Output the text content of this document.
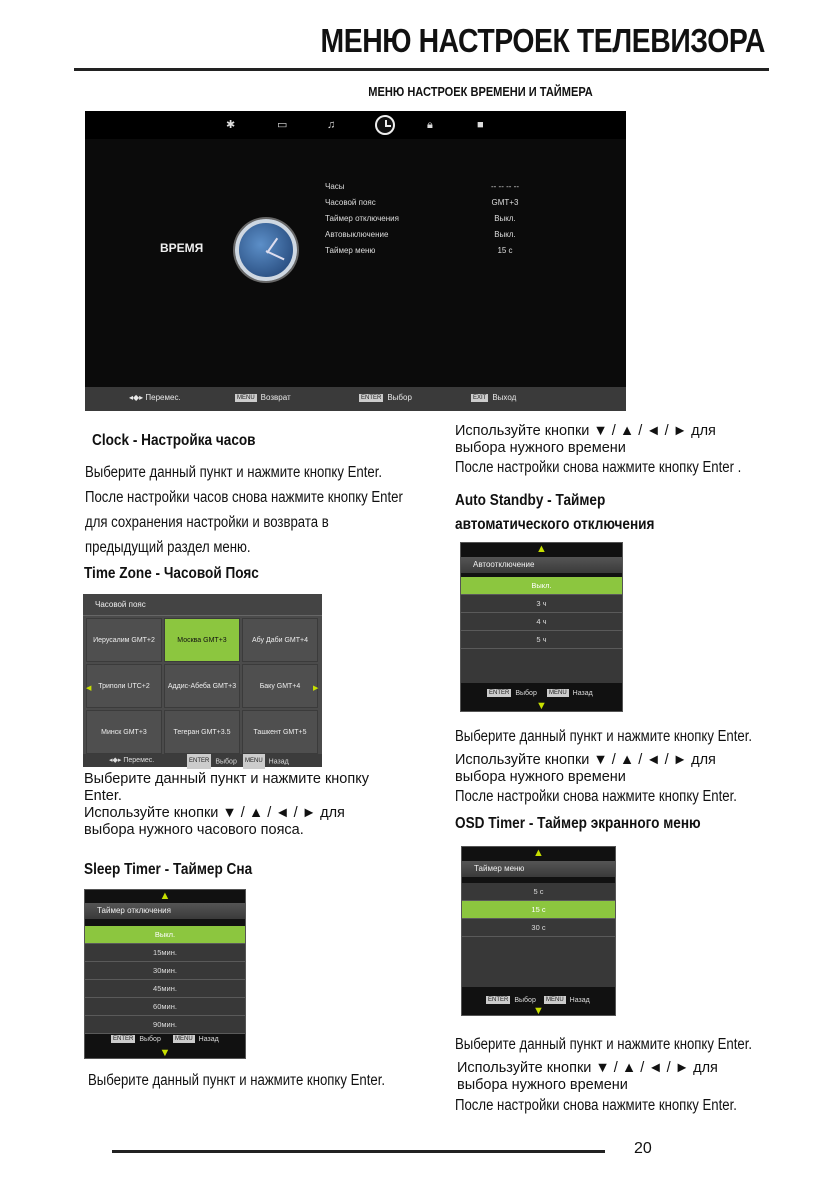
МЕНЮ НАСТРОЕК ТЕЛЕВИЗОРА
МЕНЮ НАСТРОЕК ВРЕМЕНИ И ТАЙМЕРА
✱	▭	♫	🔒︎	■
ВРЕМЯ
Часы	-- -- -- --
Часовой пояс	GMT+3
Таймер отключения	Выкл.
Автовыключение	Выкл.
Таймер меню	15 с
◂◆▸ Перемес.	MENU Возврат	ENTER Выбор	EXIT Выход
Clock - Настройка часов
Выберите данный пункт и нажмите кнопку Enter.
После настройки часов снова нажмите кнопку Enter
для сохранения настройки и возврата в
предыдущий раздел меню.
Time Zone - Часовой Пояс
Часовой пояс
Иерусалим GMT+2	Москва GMT+3	Абу Даби GMT+4
Триполи UTC+2	Аддис-Абеба GMT+3	Баку GMT+4
Минск GMT+3	Тегеран GMT+3.5	Ташкент GMT+5
◀	▶
◂◆▸ Перемес.	ENTER Выбор	MENU Назад
Выберите данный пункт и нажмите кнопку
Enter.
Используйте кнопки ▼ / ▲ / ◄ / ► для
выбора нужного часового пояса.
Sleep Timer - Таймер Сна
▲
Таймер отключения
Выкл.
15мин.
30мин.
45мин.
60мин.
90мин.
ENTER Выбор	MENU Назад
▼
Выберите данный пункт и нажмите кнопку Enter.
Используйте кнопки ▼ / ▲ / ◄ / ► для
выбора нужного времени
После настройки снова нажмите кнопку Enter .
Auto Standby - Таймер
автоматического отключения
▲
Автоотключение
Выкл.
3 ч
4 ч
5 ч
ENTER Выбор	MENU Назад
▼
Выберите данный пункт и нажмите кнопку Enter.
Используйте кнопки ▼ / ▲ / ◄ / ► для
выбора нужного времени
После настройки снова нажмите кнопку Enter.
OSD Timer - Таймер экранного меню
▲
Таймер меню
5 с
15 с
30 с
ENTER Выбор	MENU Назад
▼
Выберите данный пункт и нажмите кнопку Enter.
Используйте кнопки ▼ / ▲ / ◄ / ► для
выбора нужного времени
После настройки снова нажмите кнопку Enter.
20
